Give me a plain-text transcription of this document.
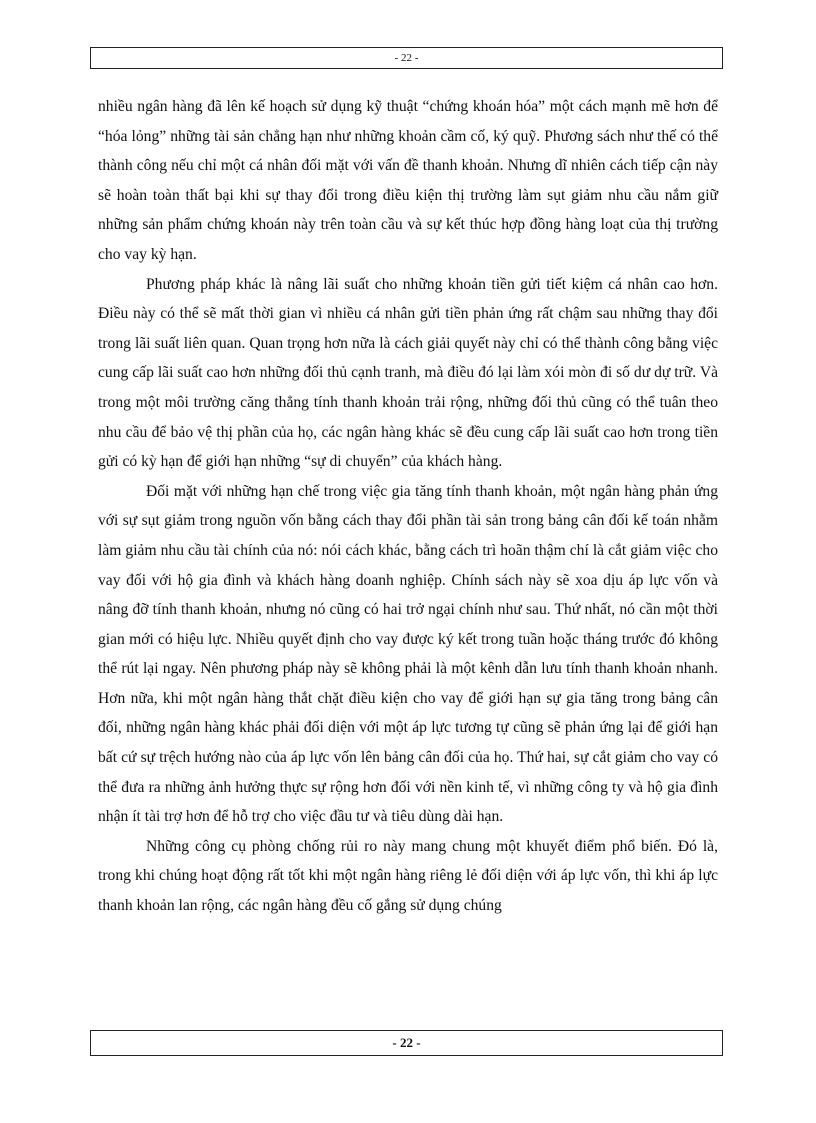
- 22 -

nhiều ngân hàng đã lên kế hoạch sử dụng kỹ thuật “chứng khoán hóa” một cách mạnh mẽ hơn để “hóa lỏng” những tài sản chẳng hạn như những khoản cầm cố, ký quỹ. Phương sách như thế có thể thành công nếu chỉ một cá nhân đối mặt với vấn đề thanh khoản. Nhưng dĩ nhiên cách tiếp cận này sẽ hoàn toàn thất bại khi sự thay đổi trong điều kiện thị trường làm sụt giảm nhu cầu nắm giữ những sản phẩm chứng khoán này trên toàn cầu và sự kết thúc hợp đồng hàng loạt của thị trường cho vay kỳ hạn.

Phương pháp khác là nâng lãi suất cho những khoản tiền gửi tiết kiệm cá nhân cao hơn. Điều này có thể sẽ mất thời gian vì nhiều cá nhân gửi tiền phản ứng rất chậm sau những thay đổi trong lãi suất liên quan. Quan trọng hơn nữa là cách giải quyết này chỉ có thể thành công bằng việc cung cấp lãi suất cao hơn những đối thủ cạnh tranh, mà điều đó lại làm xói mòn đi số dư dự trữ. Và trong một môi trường căng thẳng tính thanh khoản trải rộng, những đối thủ cũng có thể tuân theo nhu cầu để bảo vệ thị phần của họ, các ngân hàng khác sẽ đều cung cấp lãi suất cao hơn trong tiền gửi có kỳ hạn để giới hạn những “sự di chuyển” của khách hàng.

Đối mặt với những hạn chế trong việc gia tăng tính thanh khoản, một ngân hàng phản ứng với sự sụt giảm trong nguồn vốn bằng cách thay đổi phần tài sản trong bảng cân đối kế toán nhằm làm giảm nhu cầu tài chính của nó: nói cách khác, bằng cách trì hoãn thậm chí là cắt giảm việc cho vay đối với hộ gia đình và khách hàng doanh nghiệp. Chính sách này sẽ xoa dịu áp lực vốn và nâng đỡ tính thanh khoản, nhưng nó cũng có hai trở ngại chính như sau. Thứ nhất, nó cần một thời gian mới có hiệu lực. Nhiều quyết định cho vay được ký kết trong tuần hoặc tháng trước đó không thể rút lại ngay. Nên phương pháp này sẽ không phải là một kênh dẫn lưu tính thanh khoản nhanh. Hơn nữa, khi một ngân hàng thắt chặt điều kiện cho vay để giới hạn sự gia tăng trong bảng cân đối, những ngân hàng khác phải đối diện với một áp lực tương tự cũng sẽ phản ứng lại để giới hạn bất cứ sự trệch hướng nào của áp lực vốn lên bảng cân đối của họ. Thứ hai, sự cắt giảm cho vay có thể đưa ra những ảnh hưởng thực sự rộng hơn đối với nền kinh tế, vì những công ty và hộ gia đình nhận ít tài trợ hơn để hỗ trợ cho việc đầu tư và tiêu dùng dài hạn.

Những công cụ phòng chống rủi ro này mang chung một khuyết điểm phổ biến. Đó là, trong khi chúng hoạt động rất tốt khi một ngân hàng riêng lẻ đối diện với áp lực vốn, thì khi áp lực thanh khoản lan rộng, các ngân hàng đều cố gắng sử dụng chúng

- 22 -
